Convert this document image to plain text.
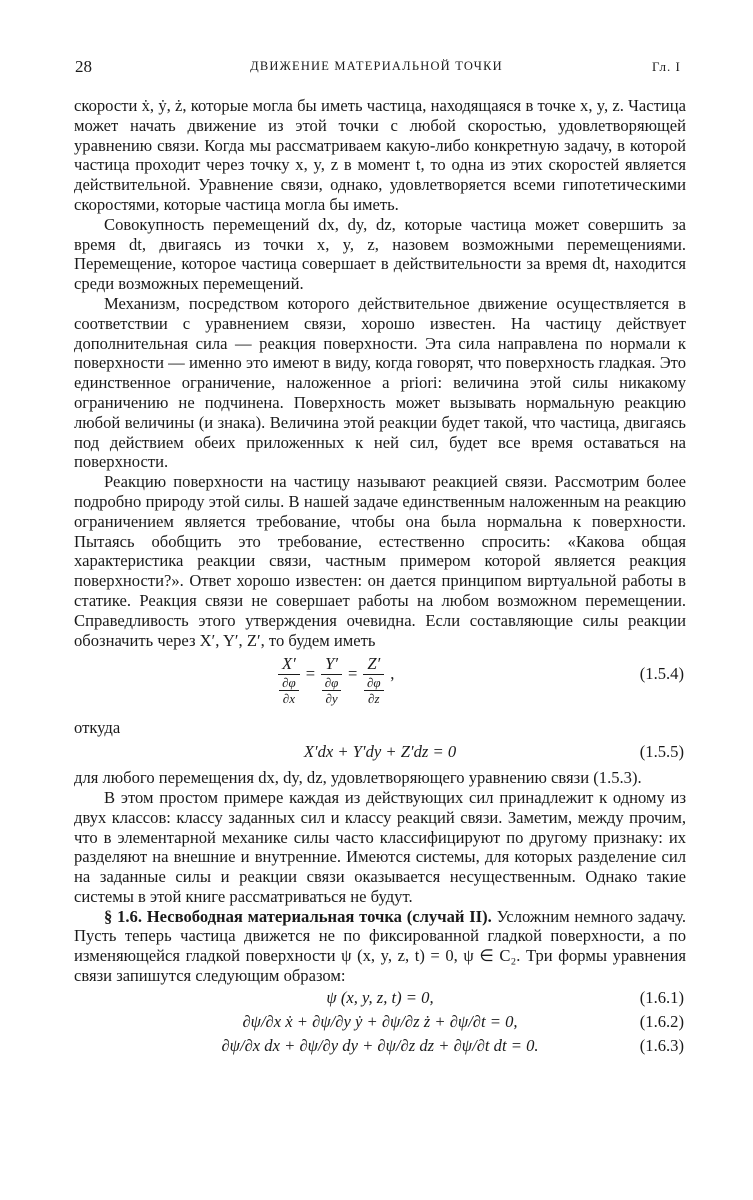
28	ДВИЖЕНИЕ МАТЕРИАЛЬНОЙ ТОЧКИ	Гл. I

скорости ẋ, ẏ, ż, которые могла бы иметь частица, находящаяся в точке x, y, z. Частица может начать движение из этой точки с любой скоростью, удовлетворяющей уравнению связи. Когда мы рассматриваем какую-либо конкретную задачу, в которой частица проходит через точку x, y, z в момент t, то одна из этих скоростей является действительной. Уравнение связи, однако, удовлетворяется всеми гипотетическими скоростями, которые частица могла бы иметь.

Совокупность перемещений dx, dy, dz, которые частица может совершить за время dt, двигаясь из точки x, y, z, назовем возможными перемещениями. Перемещение, которое частица совершает в действительности за время dt, находится среди возможных перемещений.

Механизм, посредством которого действительное движение осуществляется в соответствии с уравнением связи, хорошо известен. На частицу действует дополнительная сила — реакция поверхности. Эта сила направлена по нормали к поверхности — именно это имеют в виду, когда говорят, что поверхность гладкая. Это единственное ограничение, наложенное a priori: величина этой силы никакому ограничению не подчинена. Поверхность может вызывать нормальную реакцию любой величины (и знака). Величина этой реакции будет такой, что частица, двигаясь под действием обеих приложенных к ней сил, будет все время оставаться на поверхности.

Реакцию поверхности на частицу называют реакцией связи. Рассмотрим более подробно природу этой силы. В нашей задаче единственным наложенным на реакцию ограничением является требование, чтобы она была нормальна к поверхности. Пытаясь обобщить это требование, естественно спросить: «Какова общая характеристика реакции связи, частным примером которой является реакция поверхности?». Ответ хорошо известен: он дается принципом виртуальной работы в статике. Реакция связи не совершает работы на любом возможном перемещении. Справедливость этого утверждения очевидна. Если составляющие силы реакции обозначить через X′, Y′, Z′, то будем иметь

X′
∂φ
∂x = Y′
∂φ
∂y = Z′
∂φ
∂z ,	(1.5.4)

откуда

X′dx + Y′dy + Z′dz = 0	(1.5.5)

для любого перемещения dx, dy, dz, удовлетворяющего уравнению связи (1.5.3).

В этом простом примере каждая из действующих сил принадлежит к одному из двух классов: классу заданных сил и классу реакций связи. Заметим, между прочим, что в элементарной механике силы часто классифицируют по другому признаку: их разделяют на внешние и внутренние. Имеются системы, для которых разделение сил на заданные силы и реакции связи оказывается несущественным. Однако такие системы в этой книге рассматриваться не будут.

§ 1.6. Несвободная материальная точка (случай II). Усложним немного задачу. Пусть теперь частица движется не по фиксированной гладкой поверхности, а по изменяющейся гладкой поверхности ψ (x, y, z, t) = 0, ψ ∈ C₂. Три формы уравнения связи запишутся следующим образом:

ψ (x, y, z, t) = 0,	(1.6.1)
∂ψ/∂x ẋ + ∂ψ/∂y ẏ + ∂ψ/∂z ż + ∂ψ/∂t = 0,	(1.6.2)
∂ψ/∂x dx + ∂ψ/∂y dy + ∂ψ/∂z dz + ∂ψ/∂t dt = 0.	(1.6.3)
